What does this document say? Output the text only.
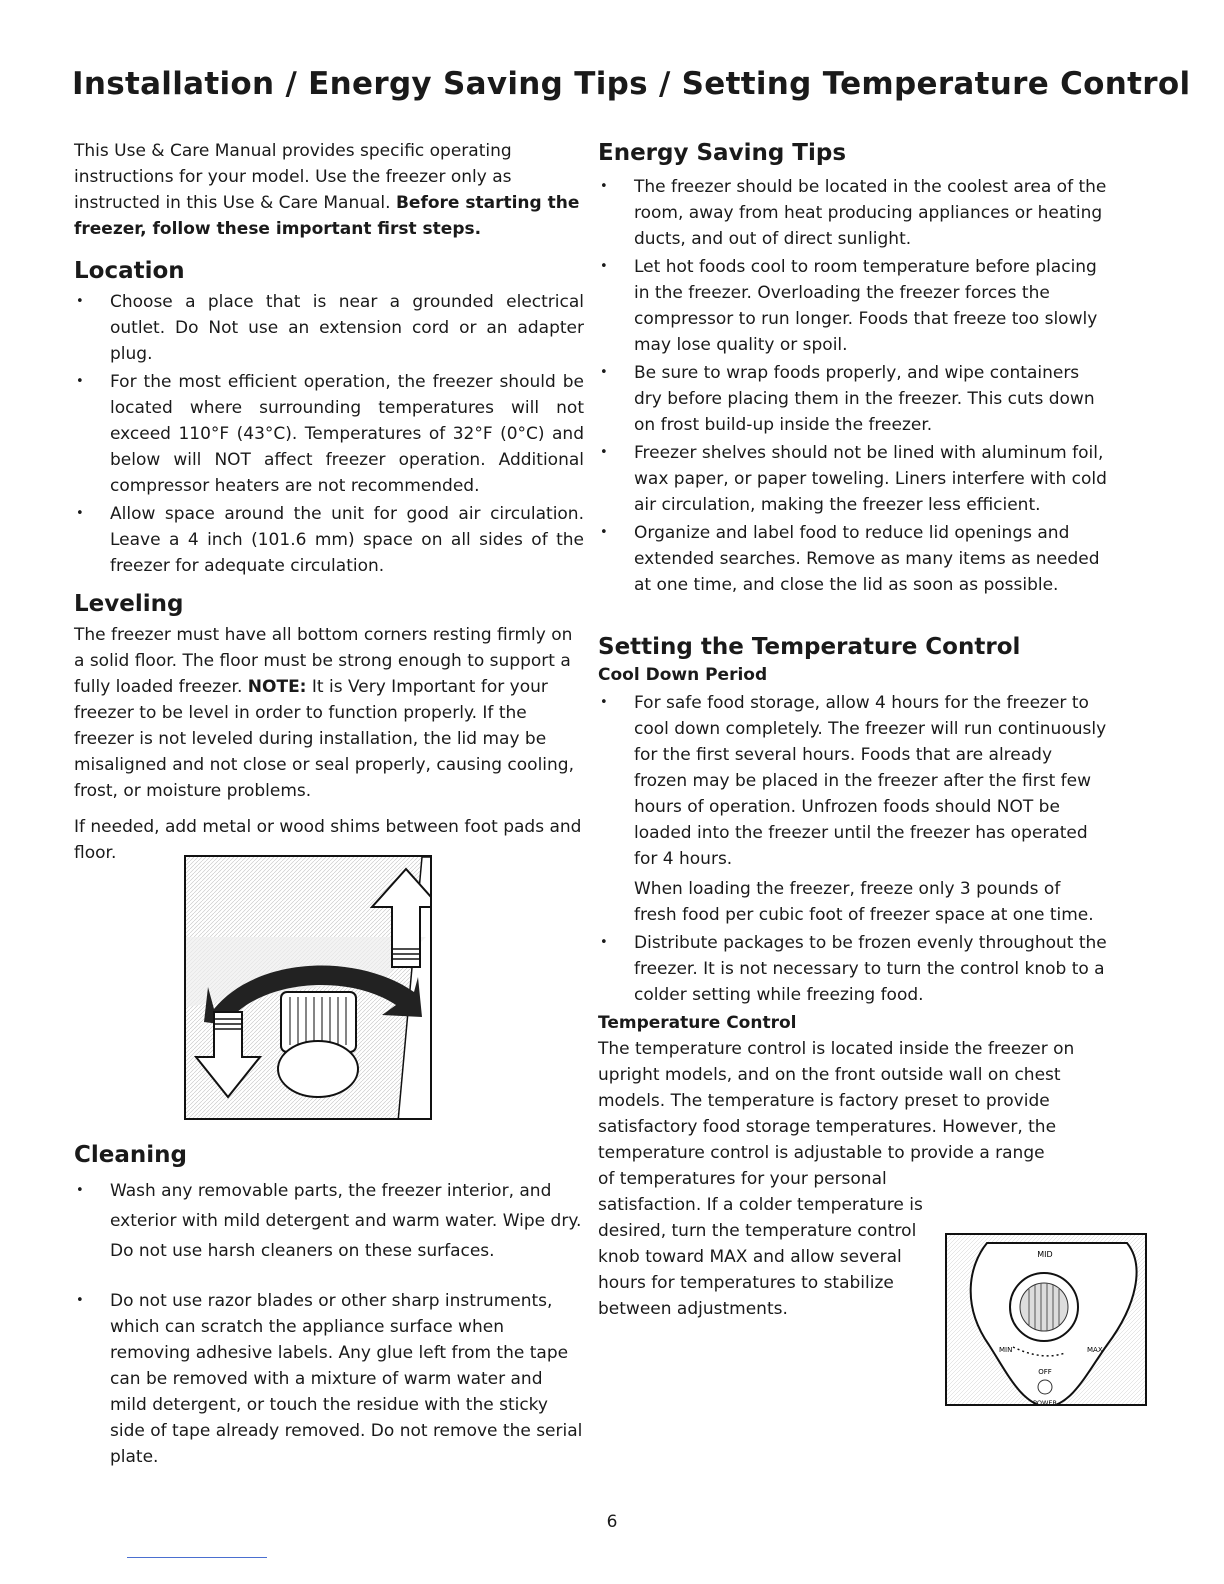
Installation / Energy Saving Tips / Setting Temperature Control

This Use & Care Manual provides specific operating instructions for your model. Use the freezer only as instructed in this Use & Care Manual. Before starting the freezer, follow these important first steps.

Location
• Choose a place that is near a grounded electrical outlet. Do Not use an extension cord or an adapter plug.
• For the most efficient operation, the freezer should be located where surrounding temperatures will not exceed 110°F (43°C). Temperatures of 32°F (0°C) and below will NOT affect freezer operation. Additional compressor heaters are not recommended.
• Allow space around the unit for good air circulation. Leave a 4 inch (101.6 mm) space on all sides of the freezer for adequate circulation.
Leveling

The freezer must have all bottom corners resting firmly on a solid floor. The floor must be strong enough to support a fully loaded freezer. NOTE: It is Very Important for your freezer to be level in order to function properly. If the freezer is not leveled during installation, the lid may be misaligned and not close or seal properly, causing cooling, frost, or moisture problems.

If needed, add metal or wood shims between foot pads and floor.

Cleaning
• Wash any removable parts, the freezer interior, and exterior with mild detergent and warm water. Wipe dry. Do not use harsh cleaners on these surfaces.
• Do not use razor blades or other sharp instruments, which can scratch the appliance surface when removing adhesive labels. Any glue left from the tape can be removed with a mixture of warm water and mild detergent, or touch the residue with the sticky side of tape already removed. Do not remove the serial plate.
Energy Saving Tips
• The freezer should be located in the coolest area of the room, away from heat producing appliances or heating ducts, and out of direct sunlight.
• Let hot foods cool to room temperature before placing in the freezer. Overloading the freezer forces the compressor to run longer. Foods that freeze too slowly may lose quality or spoil.
• Be sure to wrap foods properly, and wipe containers dry before placing them in the freezer. This cuts down on frost build-up inside the freezer.
• Freezer shelves should not be lined with aluminum foil, wax paper, or paper toweling. Liners interfere with cold air circulation, making the freezer less efficient.
• Organize and label food to reduce lid openings and extended searches. Remove as many items as needed at one time, and close the lid as soon as possible.
Setting the Temperature Control
Cool Down Period
• For safe food storage, allow 4 hours for the freezer to cool down completely. The freezer will run continuously for the first several hours. Foods that are already frozen may be placed in the freezer after the first few hours of operation. Unfrozen foods should NOT be loaded into the freezer until the freezer has operated for 4 hours.
When loading the freezer, freeze only 3 pounds of fresh food per cubic foot of freezer space at one time.
• Distribute packages to be frozen evenly throughout the freezer. It is not necessary to turn the control knob to a colder setting while freezing food.
Temperature Control

The temperature control is located inside the freezer on upright models, and on the front outside wall on chest models. The temperature is factory preset to provide satisfactory food storage temperatures. However, the temperature control is adjustable to provide a range

of temperatures for your personal satisfaction. If a colder temperature is desired, turn the temperature control knob toward MAX and allow several hours for temperatures to stabilize between adjustments.

MID
MIN	MAX
OFF
POWER
6
